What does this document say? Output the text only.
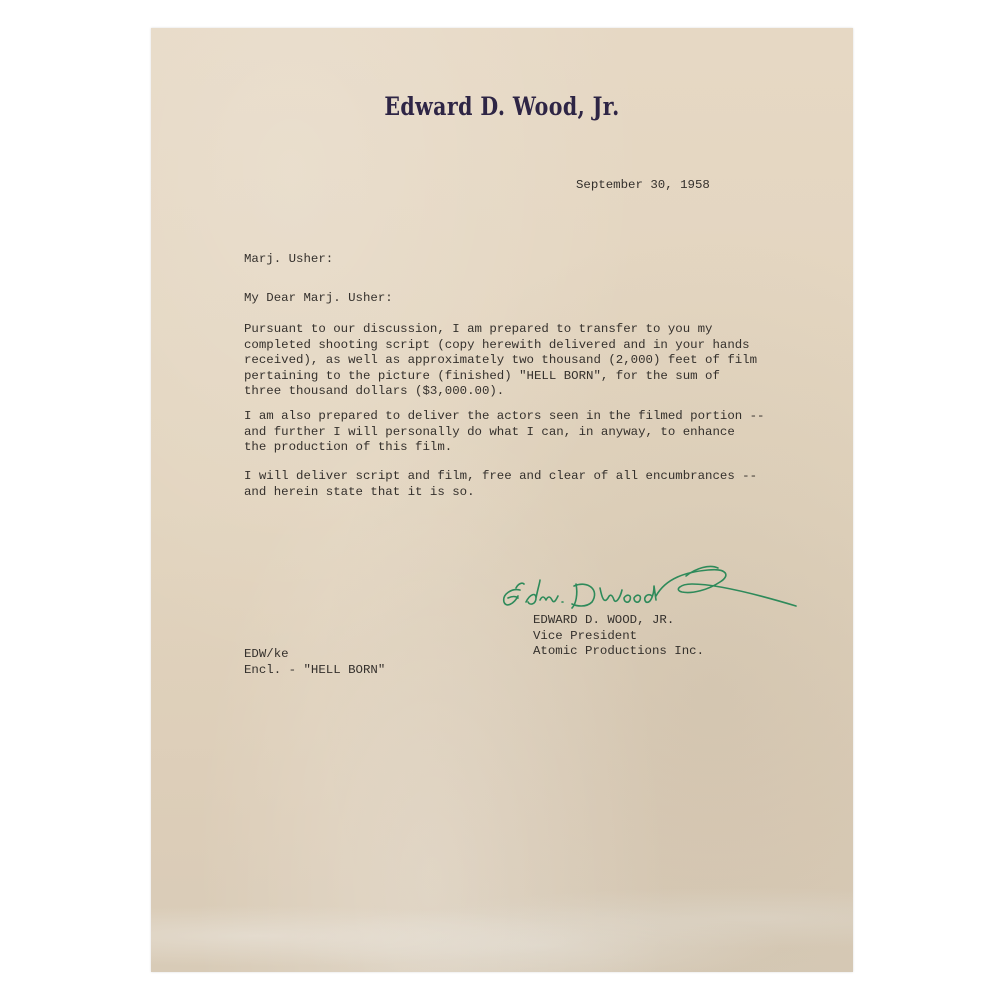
Edward D. Wood, Jr.

September 30, 1958

Marj. Usher:

My Dear Marj. Usher:

Pursuant to our discussion, I am prepared to transfer to you my
completed shooting script (copy herewith delivered and in your hands
received), as well as approximately two thousand (2,000) feet of film
pertaining to the picture (finished) "HELL BORN", for the sum of
three thousand dollars ($3,000.00).

I am also prepared to deliver the actors seen in the filmed portion --
and further I will personally do what I can, in anyway, to enhance
the production of this film.

I will deliver script and film, free and clear of all encumbrances --
and herein state that it is so.

EDWARD D. WOOD, JR.
Vice President
Atomic Productions Inc.

EDW/ke
Encl. - "HELL BORN"
